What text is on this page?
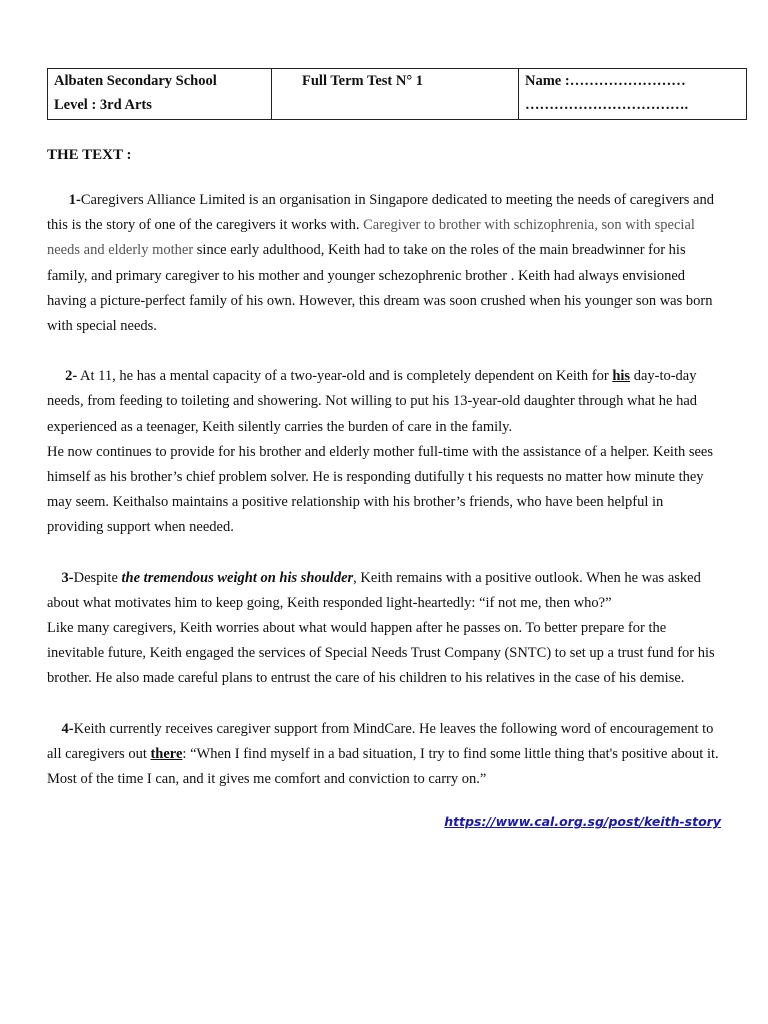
Albaten Secondary School
Level : 3rd Arts

Full Term Test N° 1	Name :……………………
…………………………….
THE TEXT :

1-Caregivers Alliance Limited is an organisation in Singapore dedicated to meeting the needs of caregivers and this is the story of one of the caregivers it works with. Caregiver to brother with schizophrenia, son with special needs and elderly mother since early adulthood, Keith had to take on the roles of the main breadwinner for his family, and primary caregiver to his mother and younger schezophrenic brother . Keith had always envisioned having a picture-perfect family of his own. However, this dream was soon crushed when his younger son was born with special needs.

2- At 11, he has a mental capacity of a two-year-old and is completely dependent on Keith for his day-to-day needs, from feeding to toileting and showering. Not willing to put his 13-year-old daughter through what he had experienced as a teenager, Keith silently carries the burden of care in the family.
He now continues to provide for his brother and elderly mother full-time with the assistance of a helper. Keith sees himself as his brother’s chief problem solver. He is responding dutifully t his requests no matter how minute they may seem. Keithalso maintains a positive relationship with his brother’s friends, who have been helpful in providing support when needed.

3-Despite the tremendous weight on his shoulder, Keith remains with a positive outlook. When he was asked about what motivates him to keep going, Keith responded light-heartedly: “if not me, then who?”
Like many caregivers, Keith worries about what would happen after he passes on. To better prepare for the inevitable future, Keith engaged the services of Special Needs Trust Company (SNTC) to set up a trust fund for his brother. He also made careful plans to entrust the care of his children to his relatives in the case of his demise.

4-Keith currently receives caregiver support from MindCare. He leaves the following word of encouragement to all caregivers out there: “When I find myself in a bad situation, I try to find some little thing that's positive about it. Most of the time I can, and it gives me comfort and conviction to carry on.”

https://www.cal.org.sg/post/keith-story
